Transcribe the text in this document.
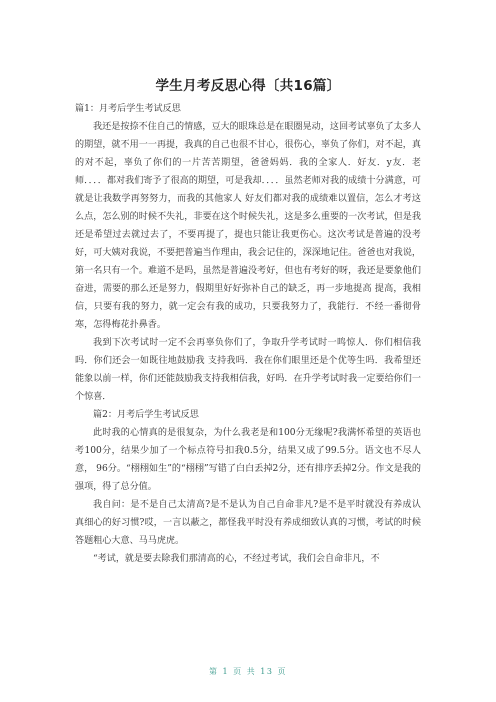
学生月考反思心得〔共16篇〕

篇1：月考后学生考试反思

我还是按捺不住自己的情感，豆大的眼珠总是在眼圈晃动，这回考试辜负了太多人的期望，就不用一一再提，我真的自己也很不甘心，很伤心，辜负了你们，对不起，真的对不起，辜负了你们的一片苦苦期望，爸爸妈妈．我的全家人．好友．y友．老师．．．．都对我们寄予了很高的期望，可是我却．．．．虽然老师对我的成绩十分满意，可就是让我数学再努努力，而我的其他家人 好友们都对我的成绩难以置信，怎么才考这么点，怎么别的时候不失礼，非要在这个时候失礼，这是多么重要的一次考试，但是我还是希望过去就过去了，不要再提了，提也只能让我更伤心。这次考试是普遍的没考好，可大姨对我说，不要把普遍当作理由，我会记住的，深深地记住。爸爸也对我说，第一名只有一个。难道不是吗，虽然是普遍没考好，但也有考好的呀，我还是要象他们奋进，需要的那么还是努力，假期里好好弥补自己的缺乏，再一步地提高 提高，我相信，只要有我的努力，就一定会有我的成功，只要我努力了，我能行．不经一番彻骨寒，怎得梅花扑鼻香。

我到下次考试时一定不会再辜负你们了，争取升学考试时一鸣惊人．你们相信我吗．你们还会一如既往地鼓励我 支持我吗．我在你们眼里还是个优等生吗．我希望还能象以前一样，你们还能鼓励我支持我相信我，好吗．在升学考试时我一定要给你们一个惊喜．

篇2：月考后学生考试反思

此时我的心情真的是很复杂，为什么我老是和100分无缘呢?我满怀希望的英语也考100分，结果少加了一个标点符号扣我0.5分，结果又成了99.5分。语文也不尽人意， 96分。“栩栩如生”的“栩栩”写错了白白丢掉2分，还有排序丢掉2分。作文是我的强项，得了总分值。

我自问：是不是自己太清高?是不是认为自己自命非凡?是不是平时就没有养成认真细心的好习惯?哎，一言以蔽之，都怪我平时没有养成细致认真的习惯，考试的时候答题粗心大意、马马虎虎。

“考试，就是要去除我们那清高的心，不经过考试，我们会自命非凡，不

第 1 页 共 13 页
